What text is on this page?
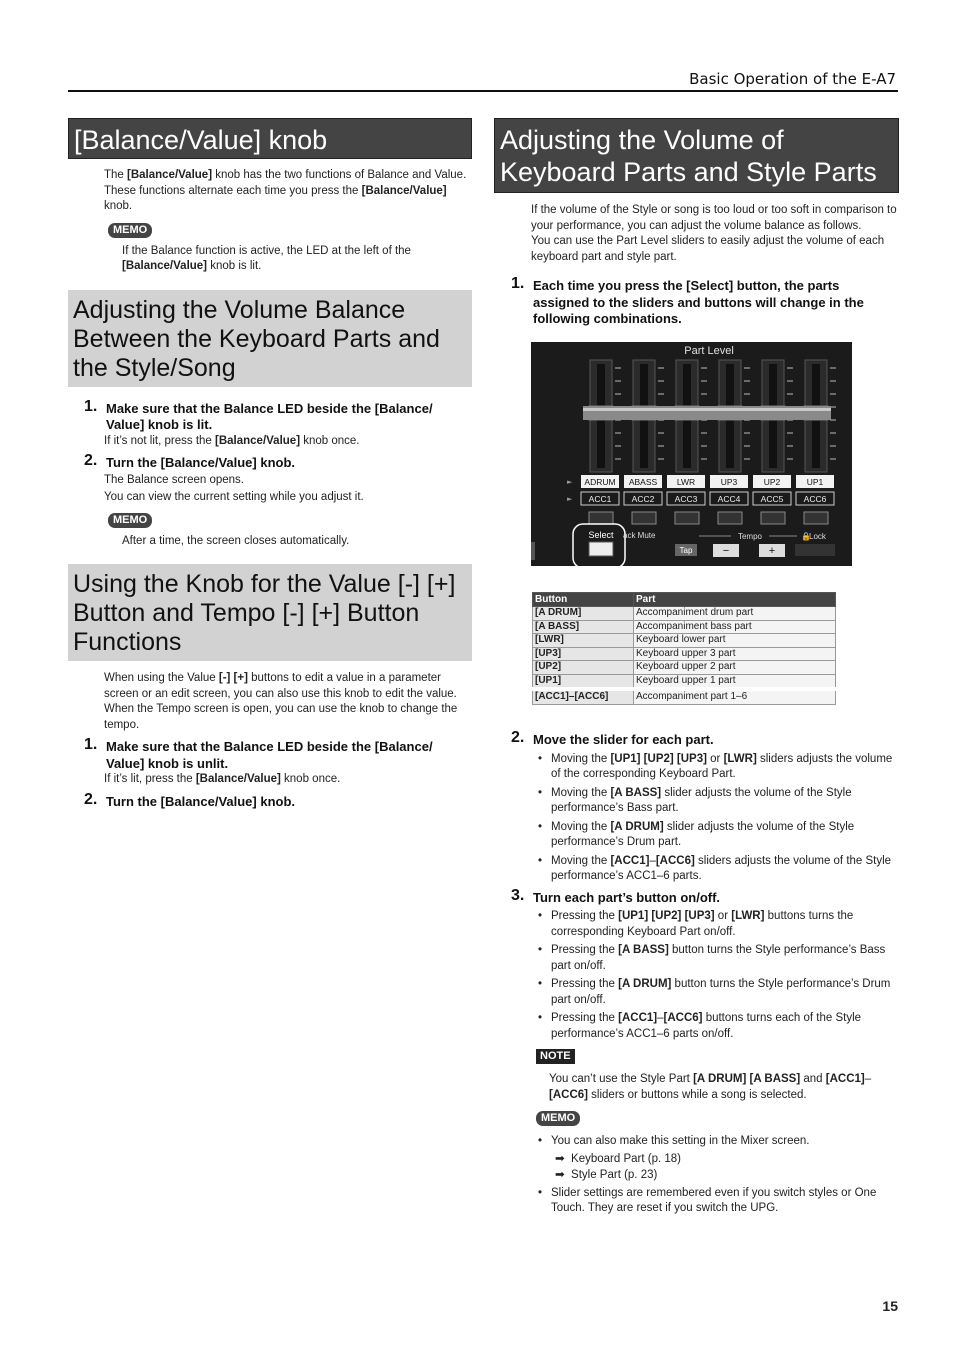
Basic Operation of the E-A7
[Balance/Value] knob
The [Balance/Value] knob has the two functions of Balance and Value.
These functions alternate each time you press the [Balance/Value] knob.
MEMO
If the Balance function is active, the LED at the left of the [Balance/Value] knob is lit.
Adjusting the Volume Balance Between the Keyboard Parts and the Style/Song
1. Make sure that the Balance LED beside the [Balance/ Value] knob is lit.
If it’s not lit, press the [Balance/Value] knob once.
2. Turn the [Balance/Value] knob.
The Balance screen opens.
You can view the current setting while you adjust it.
MEMO
After a time, the screen closes automatically.
Using the Knob for the Value [-] [+] Button and Tempo [-] [+] Button Functions
When using the Value [-] [+] buttons to edit a value in a parameter screen or an edit screen, you can also use this knob to edit the value. When the Tempo screen is open, you can use the knob to change the tempo.
1. Make sure that the Balance LED beside the [Balance/ Value] knob is unlit.
If it’s lit, press the [Balance/Value] knob once.
2. Turn the [Balance/Value] knob.
Adjusting the Volume of Keyboard Parts and Style Parts
If the volume of the Style or song is too loud or too soft in comparison to your performance, you can adjust the volume balance as follows.
You can use the Part Level sliders to easily adjust the volume of each keyboard part and style part.
1. Each time you press the [Select] button, the parts assigned to the sliders and buttons will change in the following combinations.
Part Level
ADRUM
ACC1
ABASS
ACC2
LWR
ACC3
UP3
ACC4
UP2
ACC5
UP1
ACC6
►
►
Select ack Mute	Tempo	🔒
Lock
Tap	−	+
Button	Part
[A DRUM]	Accompaniment drum part
[A BASS]	Accompaniment bass part
[LWR]	Keyboard lower part
[UP3]	Keyboard upper 3 part
[UP2]	Keyboard upper 2 part
[UP1]	Keyboard upper 1 part
[ACC1]–[ACC6]	Accompaniment part 1–6
2. Move the slider for each part.
• Moving the [UP1] [UP2] [UP3] or [LWR] sliders adjusts the volume of the corresponding Keyboard Part.
• Moving the [A BASS] slider adjusts the volume of the Style performance’s Bass part.
• Moving the [A DRUM] slider adjusts the volume of the Style performance’s Drum part.
• Moving the [ACC1]–[ACC6] sliders adjusts the volume of the Style performance’s ACC1–6 parts.
3. Turn each part’s button on/off.
• Pressing the [UP1] [UP2] [UP3] or [LWR] buttons turns the corresponding Keyboard Part on/off.
• Pressing the [A BASS] button turns the Style performance’s Bass part on/off.
• Pressing the [A DRUM] button turns the Style performance’s Drum part on/off.
• Pressing the [ACC1]–[ACC6] buttons turns each of the Style performance’s ACC1–6 parts on/off.
NOTE
You can’t use the Style Part [A DRUM] [A BASS] and [ACC1]– [ACC6] sliders or buttons while a song is selected.
MEMO
• You can also make this setting in the Mixer screen.
➡ Keyboard Part (p. 18)
➡ Style Part (p. 23)
• Slider settings are remembered even if you switch styles or One Touch. They are reset if you switch the UPG.
15
